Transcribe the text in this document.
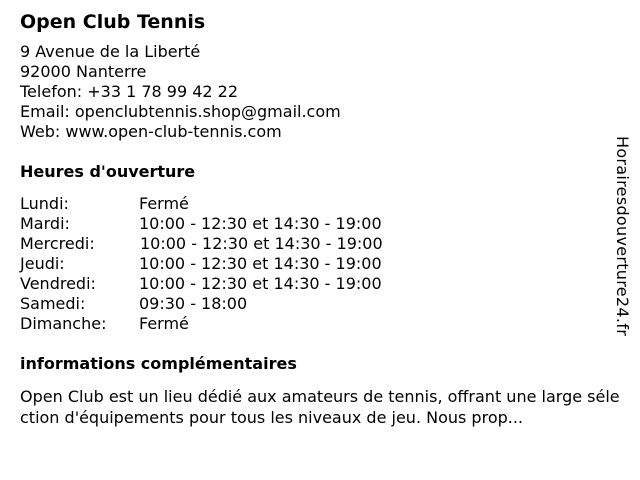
Open Club Tennis
9 Avenue de la Liberté
92000 Nanterre
Telefon: +33 1 78 99 42 22
Email: openclubtennis.shop@gmail.com
Web: www.open-club-tennis.com
Heures d'ouverture
Lundi:	Fermé
Mardi:	10:00 - 12:30 et 14:30 - 19:00
Mercredi:	10:00 - 12:30 et 14:30 - 19:00
Jeudi:	10:00 - 12:30 et 14:30 - 19:00
Vendredi:	10:00 - 12:30 et 14:30 - 19:00
Samedi:	09:30 - 18:00
Dimanche:	Fermé
informations complémentaires
Open Club est un lieu dédié aux amateurs de tennis, offrant une large sélection d'équipements pour tous les niveaux de jeu. Nous prop...
Horairesdouverture24.fr
